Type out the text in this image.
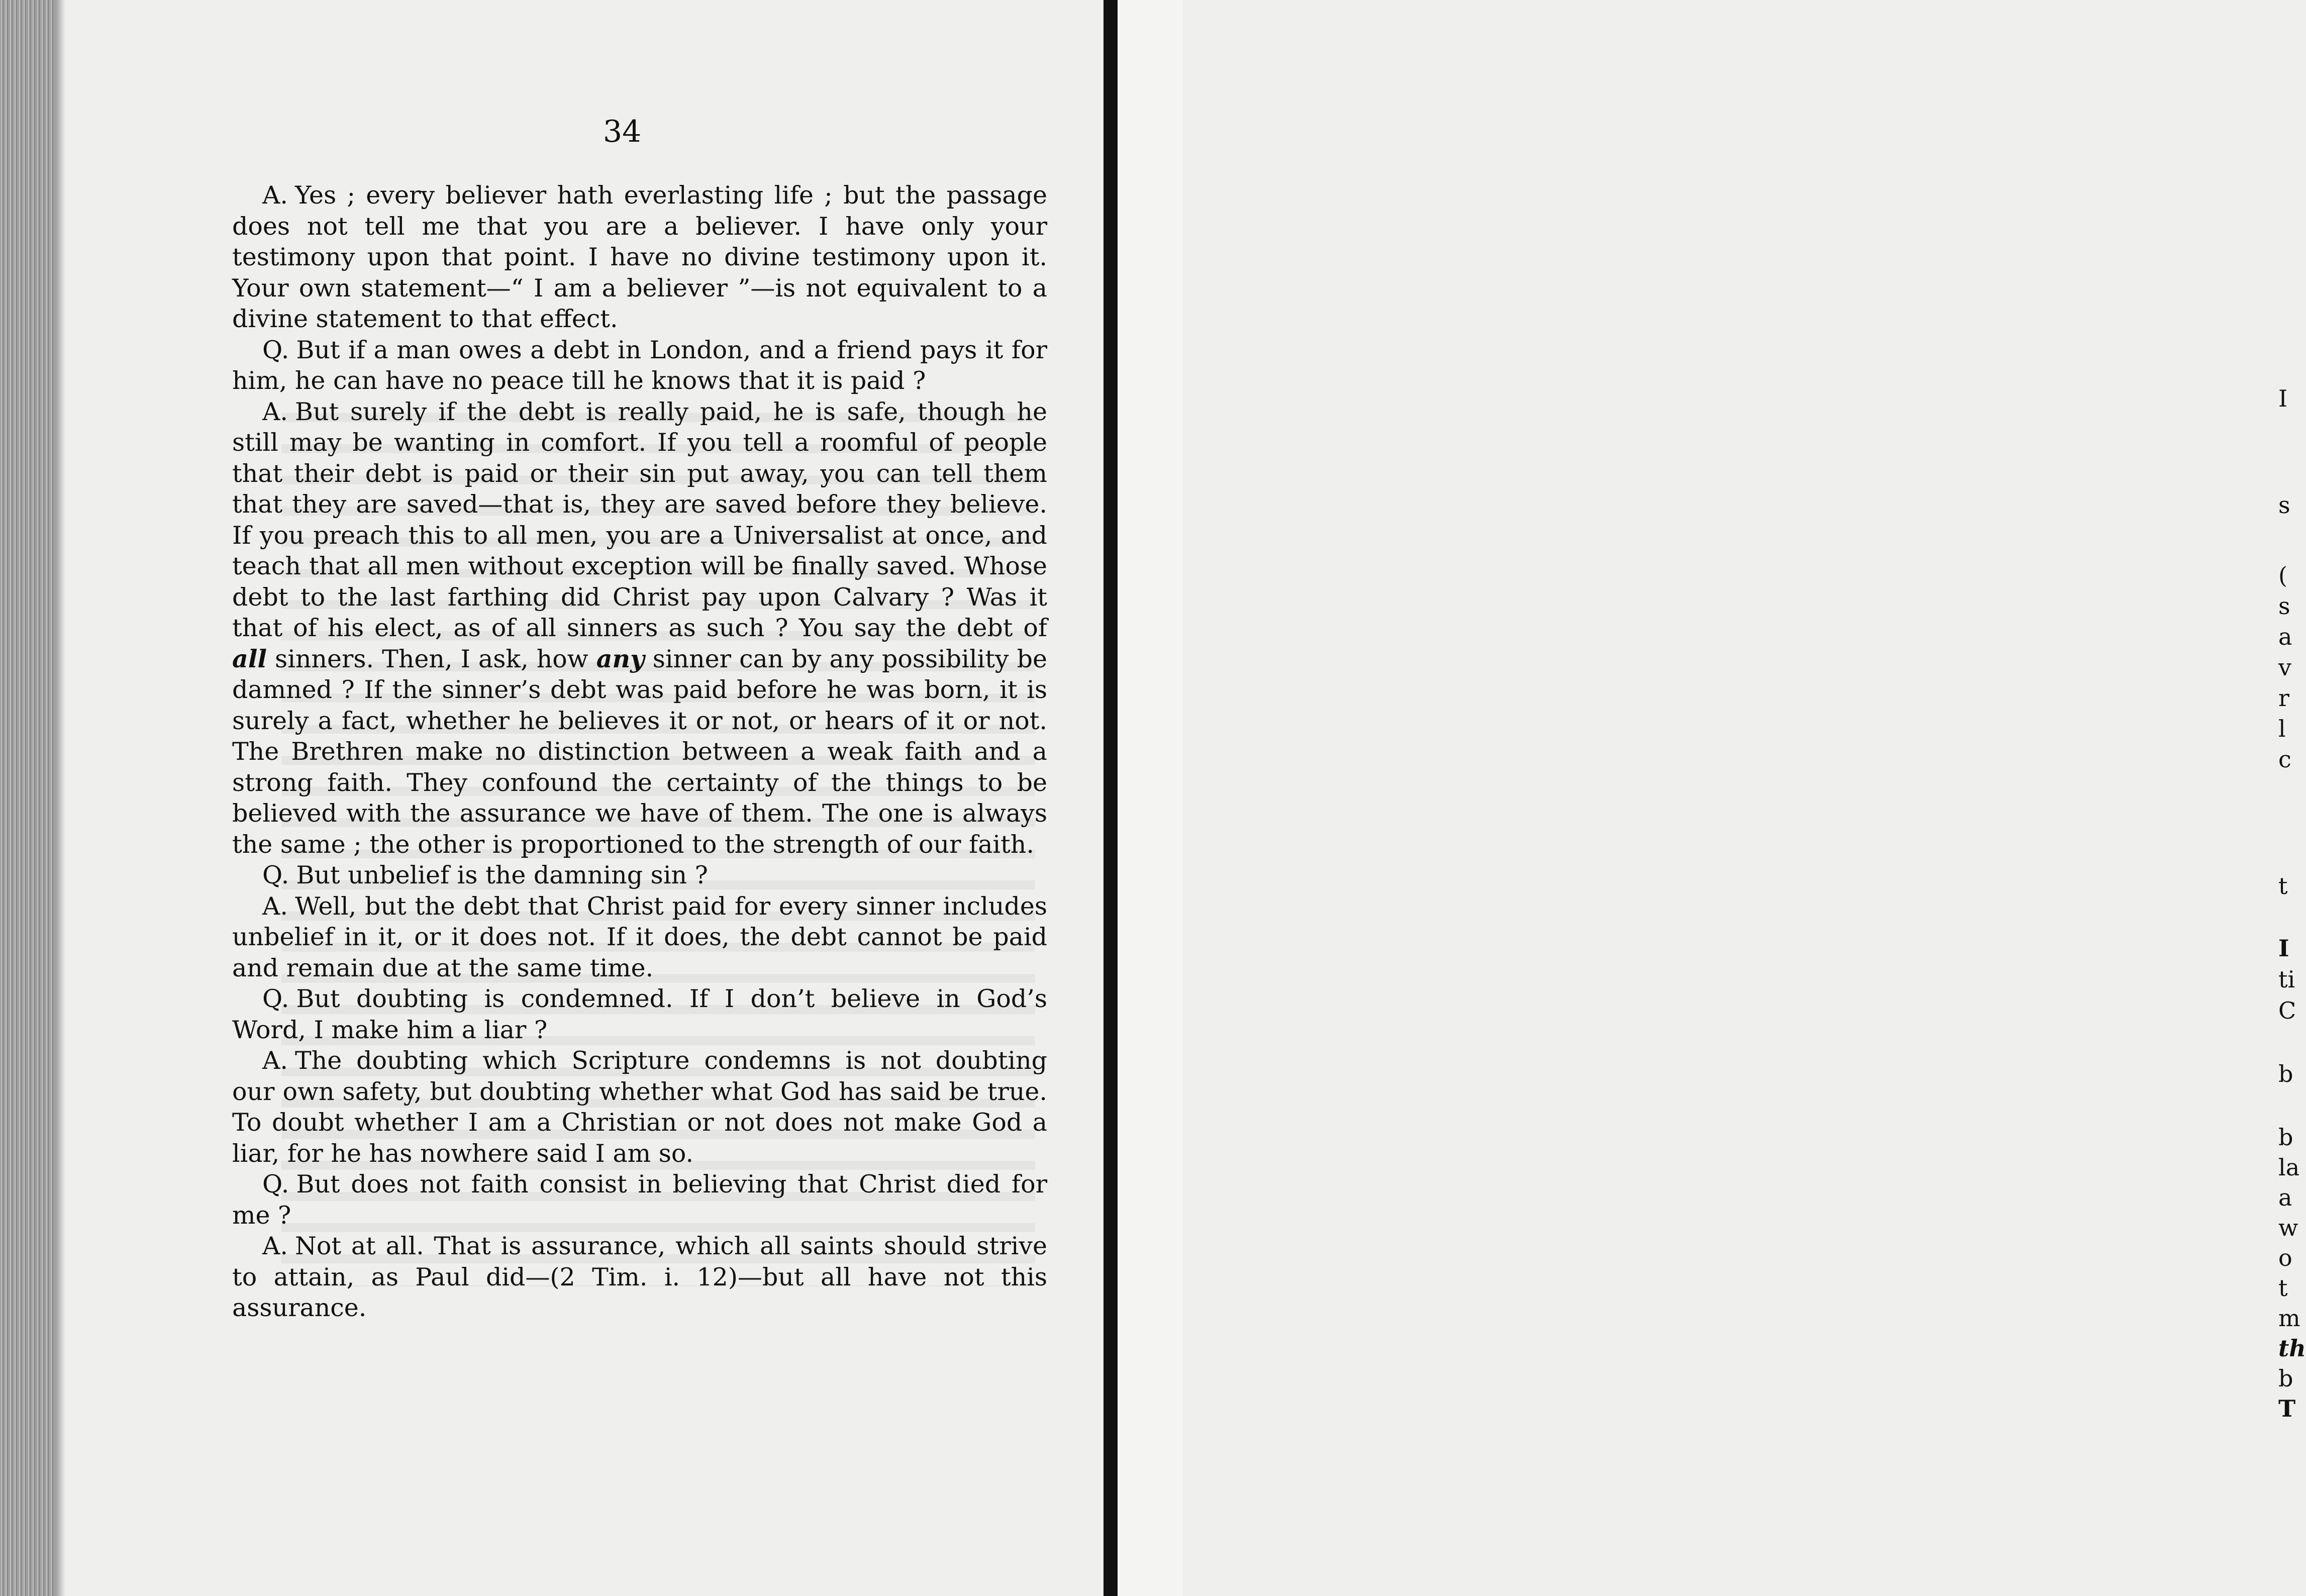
34

A. Yes ; every believer hath everlasting life ; but the passage does not tell me that you are a believer. I have only your testimony upon that point. I have no divine testimony upon it. Your own statement—“ I am a believer ”—is not equivalent to a divine statement to that effect.

Q. But if a man owes a debt in London, and a friend pays it for him, he can have no peace till he knows that it is paid ?

A. But surely if the debt is really paid, he is safe, though he still may be wanting in comfort. If you tell a roomful of people that their debt is paid or their sin put away, you can tell them that they are saved—that is, they are saved before they believe. If you preach this to all men, you are a Universalist at once, and teach that all men without exception will be finally saved. Whose debt to the last farthing did Christ pay upon Calvary ? Was it that of his elect, as of all sinners as such ? You say the debt of all sinners. Then, I ask, how any sinner can by any possibility be damned ? If the sinner’s debt was paid before he was born, it is surely a fact, whether he believes it or not, or hears of it or not. The Brethren make no distinction between a weak faith and a strong faith. They confound the certainty of the things to be believed with the assurance we have of them. The one is always the same ; the other is proportioned to the strength of our faith.

Q. But unbelief is the damning sin ?

A. Well, but the debt that Christ paid for every sinner includes unbelief in it, or it does not. If it does, the debt cannot be paid and remain due at the same time.

Q. But doubting is condemned. If I don’t believe in God’s Word, I make him a liar ?

A. The doubting which Scripture condemns is not doubting our own safety, but doubting whether what God has said be true. To doubt whether I am a Christian or not does not make God a liar, for he has nowhere said I am so.

Q. But does not faith consist in believing that Christ died for me ?

A. Not at all. That is assurance, which all saints should strive to attain, as Paul did—(2 Tim. i. 12)—but all have not this assurance.

I
s
(
s
a
v
r
l
c
t
I
ti
C
b
b
la
a
w
o
t
m
th
b
T
